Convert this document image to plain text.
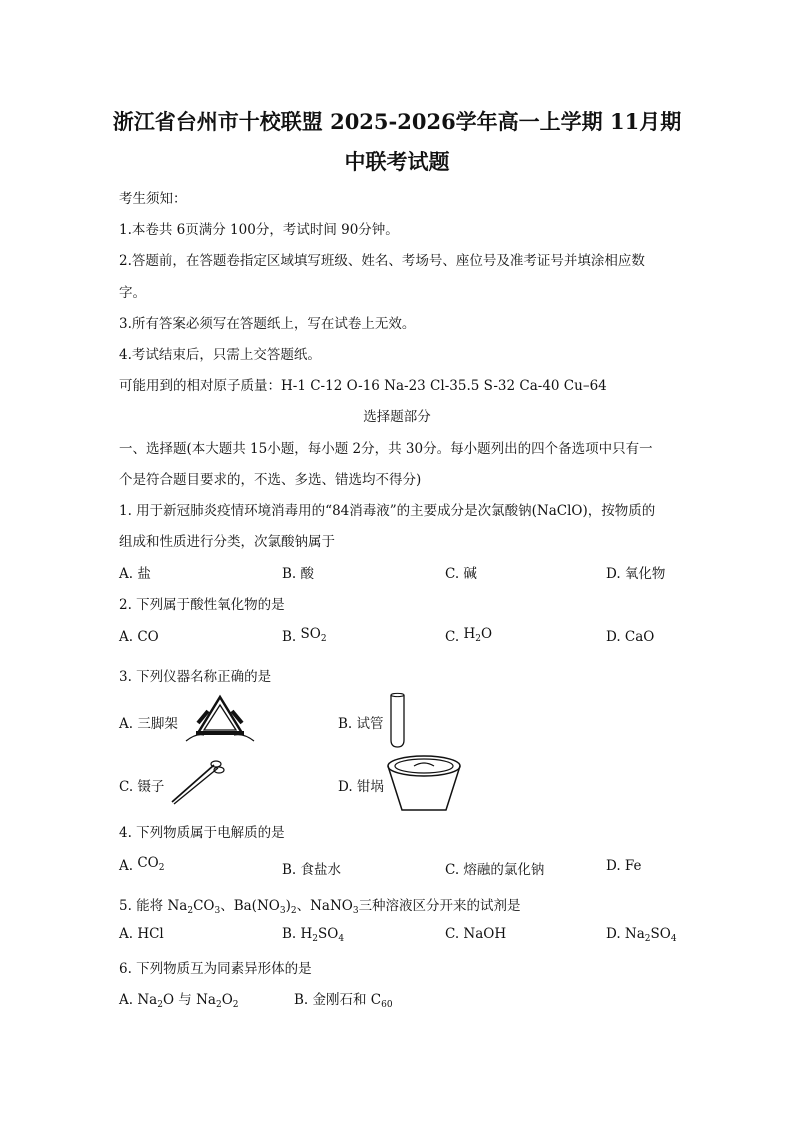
浙江省台州市十校联盟 2025-2026学年高一上学期 11月期
中联考试题
考生须知：
1.本卷共 6页满分 100分，考试时间 90分钟。
2.答题前，在答题卷指定区域填写班级、姓名、考场号、座位号及准考证号并填涂相应数
字。
3.所有答案必须写在答题纸上，写在试卷上无效。
4.考试结束后，只需上交答题纸。
可能用到的相对原子质量：H-1 C-12 O-16 Na-23 Cl-35.5 S-32 Ca-40 Cu–64
选择题部分
一、选择题(本大题共 15小题，每小题 2分，共 30分。每小题列出的四个备选项中只有一
个是符合题目要求的，不选、多选、错选均不得分)
1. 用于新冠肺炎疫情环境消毒用的“84消毒液”的主要成分是次氯酸钠(NaClO)，按物质的
组成和性质进行分类，次氯酸钠属于
A. 盐	B. 酸	C. 碱	D. 氧化物
2. 下列属于酸性氧化物的是
A. CO	B. $SO_2$	C. $H_2O$	D. CaO
3. 下列仪器名称正确的是
A. 三脚架	B. 试管
C. 镊子	D. 钳埚
4. 下列物质属于电解质的是
A. $CO_2$	B. 食盐水	C. 熔融的氯化钠	D. Fe
5. 能将 $Na_2CO_3$、$Ba(NO_3)_2$、NaNO$_3$三种溶液区分开来的试剂是
A. HCl	B. $H_2SO_4$	C. NaOH	D. $Na_2SO_4$
6. 下列物质互为同素异形体的是
A. $Na_2O$ 与 $Na_2O_2$	B. 金刚石和 $C_{60}$
